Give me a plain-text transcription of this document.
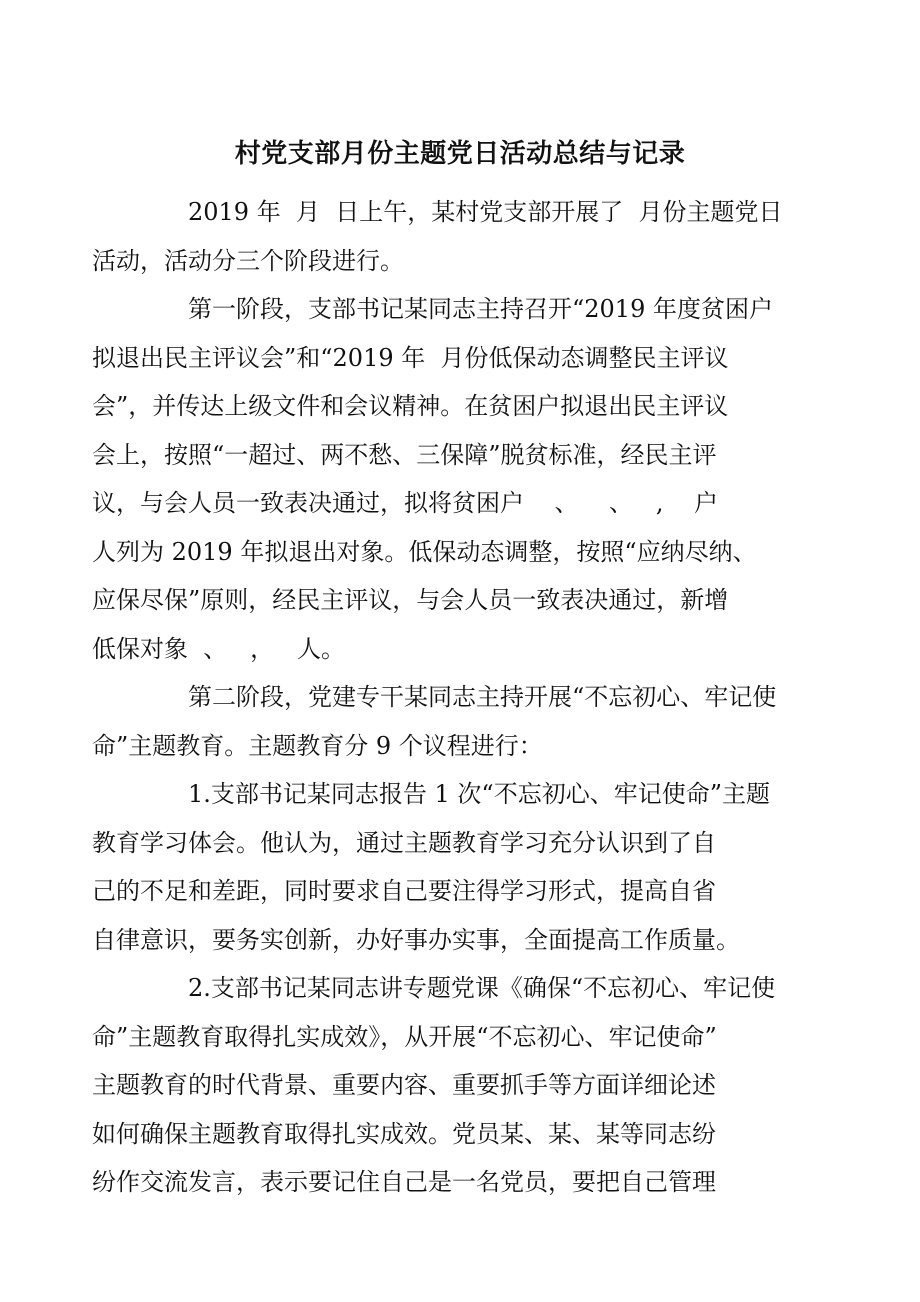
村党支部月份主题党日活动总结与记录

2019 年  月  日上午，某村党支部开展了  月份主题党日
活动，活动分三个阶段进行。

第一阶段，支部书记某同志主持召开“2019 年度贫困户
拟退出民主评议会”和“2019 年  月份低保动态调整民主评议
会”，并传达上级文件和会议精神。在贫困户拟退出民主评议
会上，按照“一超过、两不愁、三保障”脱贫标准，经民主评
议，与会人员一致表决通过，拟将贫困户    、    、   ,    户
人列为 2019 年拟退出对象。低保动态调整，按照“应纳尽纳、
应保尽保”原则，经民主评议，与会人员一致表决通过，新增
低保对象  、   ，   人。

第二阶段，党建专干某同志主持开展“不忘初心、牢记使
命”主题教育。主题教育分 9 个议程进行：

1.支部书记某同志报告 1 次“不忘初心、牢记使命”主题
教育学习体会。他认为，通过主题教育学习充分认识到了自
己的不足和差距，同时要求自己要注得学习形式，提高自省
自律意识，要务实创新，办好事办实事，全面提高工作质量。

2.支部书记某同志讲专题党课《确保“不忘初心、牢记使
命”主题教育取得扎实成效》，从开展“不忘初心、牢记使命”
主题教育的时代背景、重要内容、重要抓手等方面详细论述
如何确保主题教育取得扎实成效。党员某、某、某等同志纷
纷作交流发言，表示要记住自己是一名党员，要把自己管理
